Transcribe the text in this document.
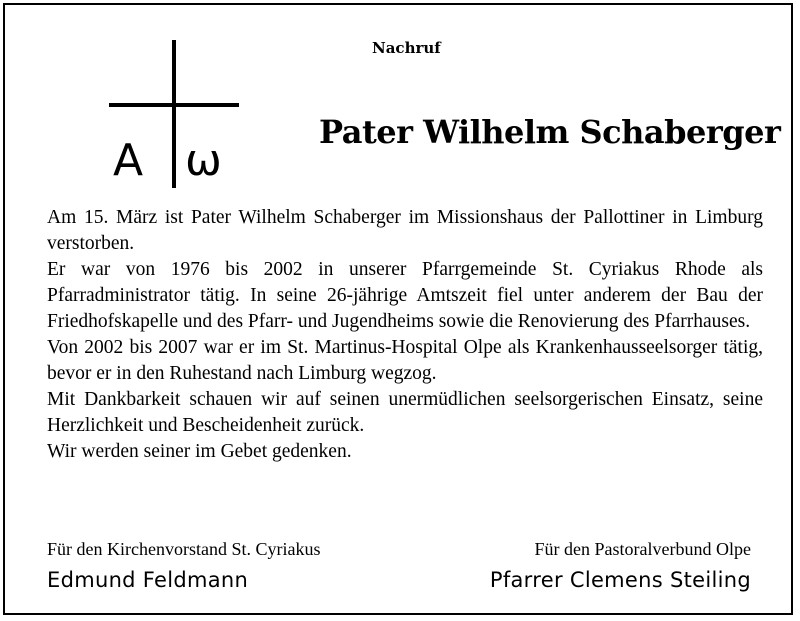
A ω
Nachruf
Pater Wilhelm Schaberger

Am 15. März ist Pater Wilhelm Schaberger im Missionshaus der Pallottiner in Limburg verstorben.

Er war von 1976 bis 2002 in unserer Pfarrgemeinde St. Cyriakus Rhode als Pfarradministrator tätig. In seine 26-jährige Amtszeit fiel unter anderem der Bau der Friedhofskapelle und des Pfarr- und Jugendheims sowie die Renovierung des Pfarrhauses.

Von 2002 bis 2007 war er im St. Martinus-Hospital Olpe als Krankenhausseelsorger tätig, bevor er in den Ruhestand nach Limburg wegzog.

Mit Dankbarkeit schauen wir auf seinen unermüdlichen seelsorgerischen Einsatz, seine Herzlichkeit und Bescheidenheit zurück.

Wir werden seiner im Gebet gedenken.

Für den Kirchenvorstand St. Cyriakus
Edmund Feldmann
Für den Pastoralverbund Olpe
Pfarrer Clemens Steiling
